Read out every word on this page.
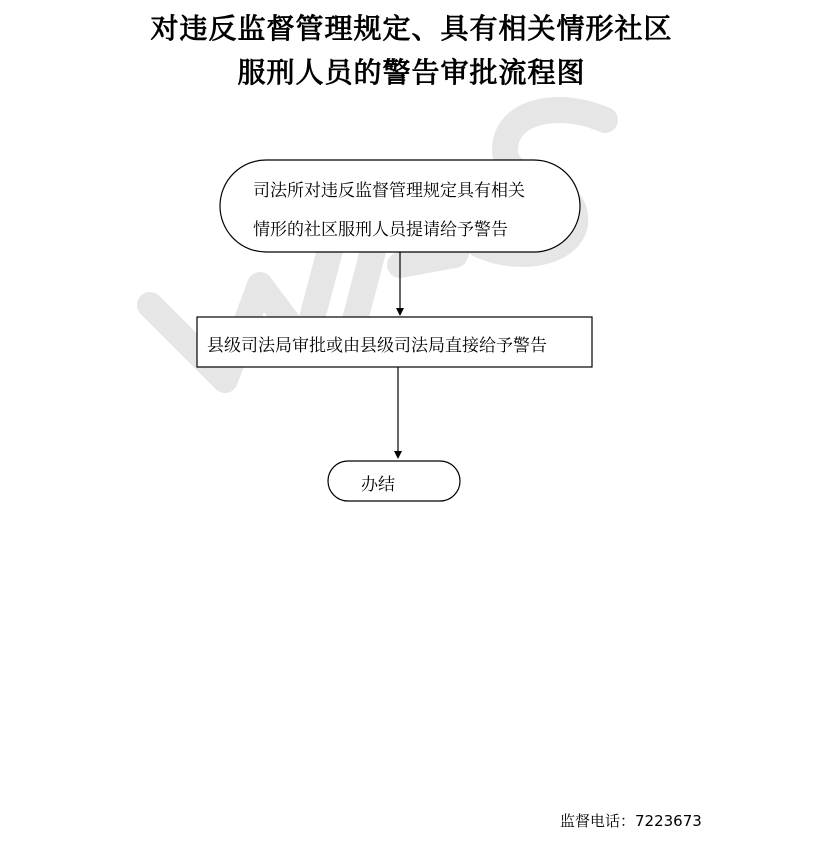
对违反监督管理规定、具有相关情形社区
服刑人员的警告审批流程图
司法所对违反监督管理规定具有相关
情形的社区服刑人员提请给予警告
县级司法局审批或由县级司法局直接给予警告
办结
监督电话：7223673
